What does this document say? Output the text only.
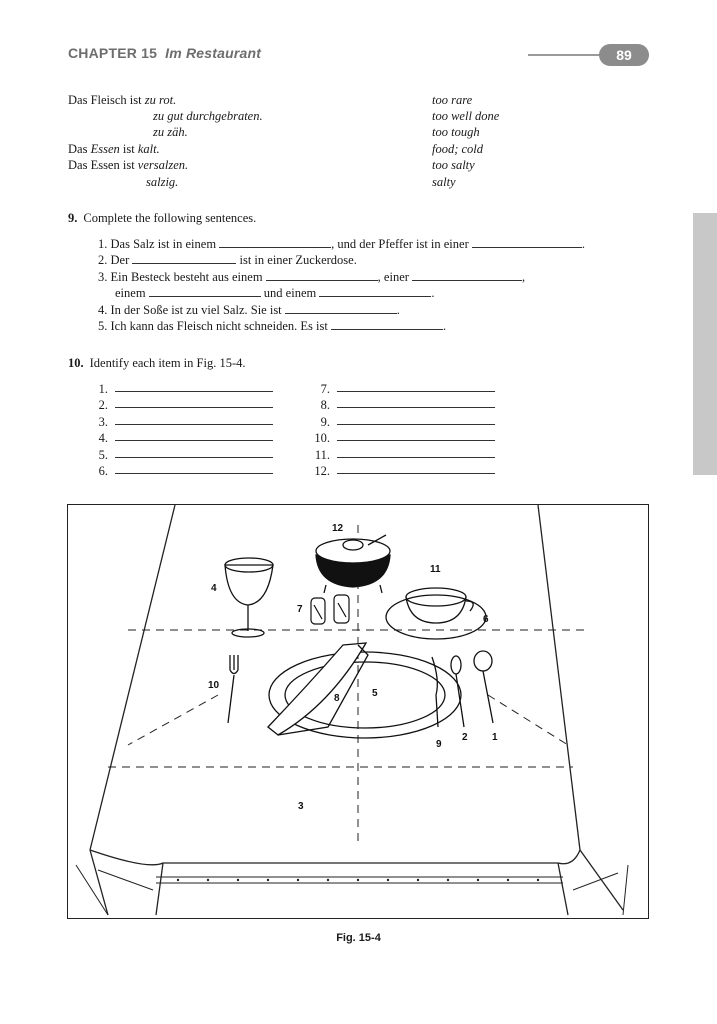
CHAPTER 15 Im Restaurant	89
Das Fleisch ist zu rot.	too rare
zu gut durchgebraten.	too well done
zu zäh.	too tough
Das Essen ist kalt.	food; cold
Das Essen ist versalzen.	too salty
salzig.	salty
9. Complete the following sentences.
1. Das Salz ist in einem	, und der Pfeffer ist in einer	.
2. Der	ist in einer Zuckerdose.
3. Ein Besteck besteht aus einem	, einer	,
einem	und einem	.
4. In der Soße ist zu viel Salz. Sie ist	.
5. Ich kann das Fleisch nicht schneiden. Es ist	.
10. Identify each item in Fig. 15-4.
1.
2.
3.
4.
5.
6.
7.
8.
9.
10.
11.
12.
12
11
4
7
6
10
5
8
9
2 1
3
Fig. 15-4
